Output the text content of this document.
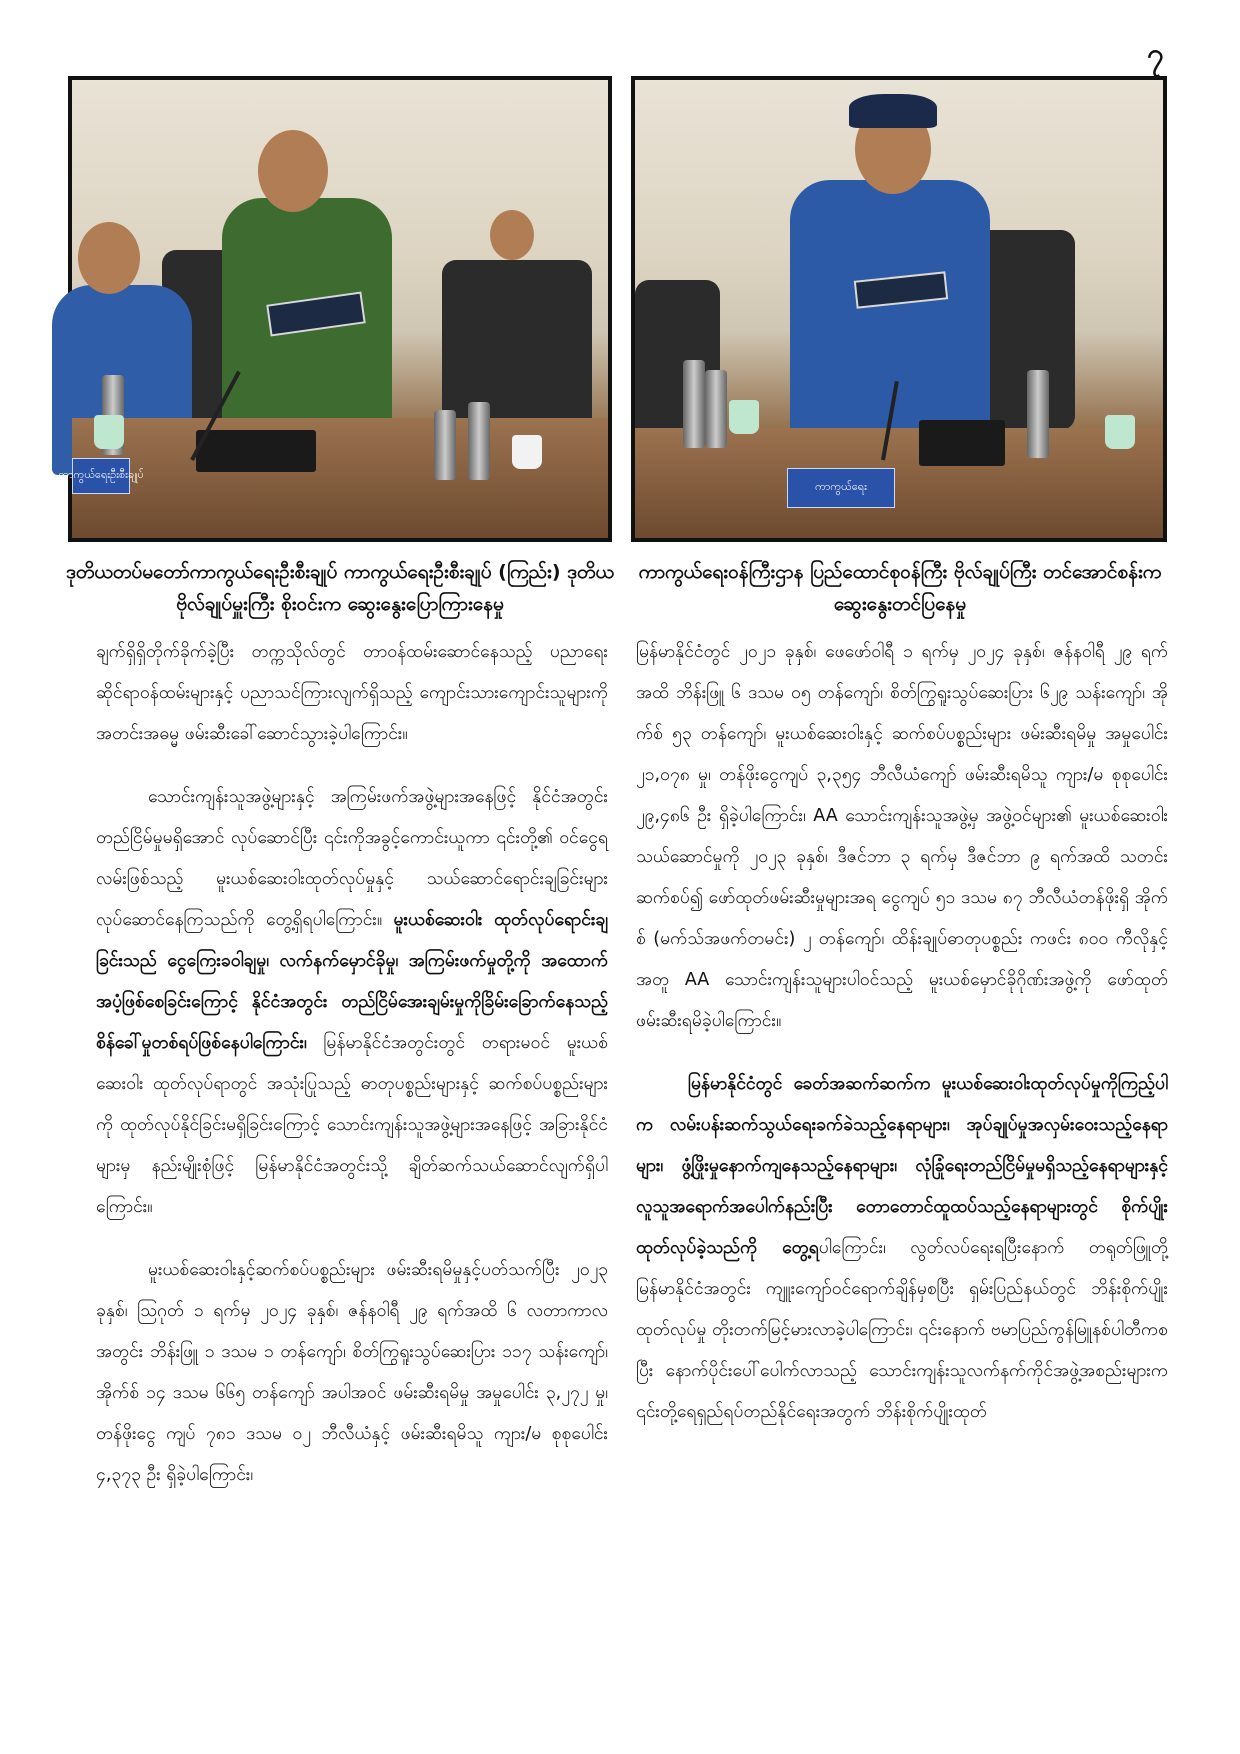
၇
ကာကွယ်ရေးဦးစီးချုပ်
ကာကွယ်ရေး
ဒုတိယတပ်မတော်ကာကွယ်ရေးဦးစီးချုပ် ကာကွယ်ရေးဦးစီးချုပ် (ကြည်း) ဒုတိယဗိုလ်ချုပ်မှူးကြီး စိုးဝင်းက ဆွေးနွေးပြောကြားနေမှု
ကာကွယ်ရေးဝန်ကြီးဌာန ပြည်ထောင်စုဝန်ကြီး ဗိုလ်ချုပ်ကြီး တင်အောင်စန်းက ဆွေးနွေးတင်ပြနေမှု

ချက်ရှိရှိတိုက်ခိုက်ခဲ့ပြီး တက္ကသိုလ်တွင် တာဝန်ထမ်းဆောင်နေသည့် ပညာရေးဆိုင်ရာဝန်ထမ်းများနှင့် ပညာသင်ကြားလျက်ရှိသည့် ကျောင်းသားကျောင်းသူများကို အတင်းအဓမ္မ ဖမ်းဆီးခေါ်ဆောင်သွားခဲ့ပါကြောင်း။

သောင်းကျန်းသူအဖွဲ့များနှင့် အကြမ်းဖက်အဖွဲ့များအနေဖြင့် နိုင်ငံအတွင်းတည်ငြိမ်မှုမရှိအောင် လုပ်ဆောင်ပြီး ၎င်းကိုအခွင့်ကောင်းယူကာ ၎င်းတို့၏ ဝင်ငွေရလမ်းဖြစ်သည့် မူးယစ်ဆေးဝါးထုတ်လုပ်မှုနှင့် သယ်ဆောင်ရောင်းချခြင်းများ လုပ်ဆောင်နေကြသည်ကို တွေ့ရှိရပါကြောင်း။ မူးယစ်ဆေးဝါး ထုတ်လုပ်ရောင်းချခြင်းသည် ငွေကြေးခဝါချမှု၊ လက်နက်မှောင်ခိုမှု၊ အကြမ်းဖက်မှုတို့ကို အထောက်အပံ့ဖြစ်စေခြင်းကြောင့် နိုင်ငံအတွင်း တည်ငြိမ်အေးချမ်းမှုကိုခြိမ်းခြောက်နေသည့် စိန်ခေါ်မှုတစ်ရပ်ဖြစ်နေပါကြောင်း၊ မြန်မာနိုင်ငံအတွင်းတွင် တရားမဝင် မူးယစ်ဆေးဝါး ထုတ်လုပ်ရာတွင် အသုံးပြုသည့် ဓာတုပစ္စည်းများနှင့် ဆက်စပ်ပစ္စည်းများကို ထုတ်လုပ်နိုင်ခြင်းမရှိခြင်းကြောင့် သောင်းကျန်းသူအဖွဲ့များအနေဖြင့် အခြားနိုင်ငံများမှ နည်းမျိုးစုံဖြင့် မြန်မာနိုင်ငံအတွင်းသို့ ချိတ်ဆက်သယ်ဆောင်လျက်ရှိပါကြောင်း။

မူးယစ်ဆေးဝါးနှင့်ဆက်စပ်ပစ္စည်းများ ဖမ်းဆီးရမိမှုနှင့်ပတ်သက်ပြီး ၂၀၂၃ ခုနှစ်၊ ဩဂုတ် ၁ ရက်မှ ၂၀၂၄ ခုနှစ်၊ ဇန်နဝါရီ ၂၉ ရက်အထိ ၆ လတာကာလအတွင်း ဘိန်းဖြူ ၁ ဒသမ ၁ တန်ကျော်၊ စိတ်ကြွရူးသွပ်ဆေးပြား ၁၁၇ သန်းကျော်၊ အိုက်စ် ၁၄ ဒသမ ၆၆၅ တန်ကျော် အပါအဝင် ဖမ်းဆီးရမိမှု အမှုပေါင်း ၃,၂၇၂ မှု၊ တန်ဖိုးငွေ ကျပ် ၇၈၁ ဒသမ ၀၂ ဘီလီယံနှင့် ဖမ်းဆီးရမိသူ ကျား/မ စုစုပေါင်း ၄,၃၇၃ ဦး ရှိခဲ့ပါကြောင်း၊

မြန်မာနိုင်ငံတွင် ၂၀၂၁ ခုနှစ်၊ ဖေဖော်ဝါရီ ၁ ရက်မှ ၂၀၂၄ ခုနှစ်၊ ဇန်နဝါရီ ၂၉ ရက်အထိ ဘိန်းဖြူ ၆ ဒသမ ၀၅ တန်ကျော်၊ စိတ်ကြွရူးသွပ်ဆေးပြား ၆၂၉ သန်းကျော်၊ အိုက်စ် ၅၃ တန်ကျော်၊ မူးယစ်ဆေးဝါးနှင့် ဆက်စပ်ပစ္စည်းများ ဖမ်းဆီးရမိမှု အမှုပေါင်း ၂၁,၀၇၈ မှု၊ တန်ဖိုးငွေကျပ် ၃,၃၅၄ ဘီလီယံကျော် ဖမ်းဆီးရမိသူ ကျား/မ စုစုပေါင်း ၂၉,၄၈၆ ဦး ရှိခဲ့ပါကြောင်း၊ AA သောင်းကျန်းသူအဖွဲ့မှ အဖွဲ့ဝင်များ၏ မူးယစ်ဆေးဝါးသယ်ဆောင်မှုကို ၂၀၂၃ ခုနှစ်၊ ဒီဇင်ဘာ ၃ ရက်မှ ဒီဇင်ဘာ ၉ ရက်အထိ သတင်းဆက်စပ်၍ ဖော်ထုတ်ဖမ်းဆီးမှုများအရ ငွေကျပ် ၅၁ ဒသမ ၈၇ ဘီလီယံတန်ဖိုးရှိ အိုက်စ် (မက်သ်အဖက်တမင်း) ၂ တန်ကျော်၊ ထိန်းချုပ်ဓာတုပစ္စည်း ကဖင်း ၈၀၀ ကီလိုနှင့် အတူ AA သောင်းကျန်းသူများပါဝင်သည့် မူးယစ်မှောင်ခိုဂိုဏ်းအဖွဲ့ကို ဖော်ထုတ်ဖမ်းဆီးရမိခဲ့ပါကြောင်း။

မြန်မာနိုင်ငံတွင် ခေတ်အဆက်ဆက်က မူးယစ်ဆေးဝါးထုတ်လုပ်မှုကိုကြည့်ပါက လမ်းပန်းဆက်သွယ်ရေးခက်ခဲသည့်နေရာများ၊ အုပ်ချုပ်မှုအလှမ်းဝေးသည့်နေရာများ၊ ဖွံ့ဖြိုးမှုနောက်ကျနေသည့်နေရာများ၊ လုံခြုံရေးတည်ငြိမ်မှုမရှိသည့်နေရာများနှင့် လူသူအရောက်အပေါက်နည်းပြီး တောတောင်ထူထပ်သည့်နေရာများတွင် စိုက်ပျိုးထုတ်လုပ်ခဲ့သည်ကို တွေ့ရပါကြောင်း၊ လွတ်လပ်ရေးရပြီးနောက် တရုတ်ဖြူတို့ မြန်မာနိုင်ငံအတွင်း ကျူးကျော်ဝင်ရောက်ချိန်မှစပြီး ရှမ်းပြည်နယ်တွင် ဘိန်းစိုက်ပျိုးထုတ်လုပ်မှု တိုးတက်မြင့်မားလာခဲ့ပါကြောင်း၊ ၎င်းနောက် ဗမာပြည်ကွန်မြူနစ်ပါတီကစပြီး နောက်ပိုင်းပေါ်ပေါက်လာသည့် သောင်းကျန်းသူလက်နက်ကိုင်အဖွဲ့အစည်းများက ၎င်းတို့ရေရှည်ရပ်တည်နိုင်ရေးအတွက် ဘိန်းစိုက်ပျိုးထုတ်
